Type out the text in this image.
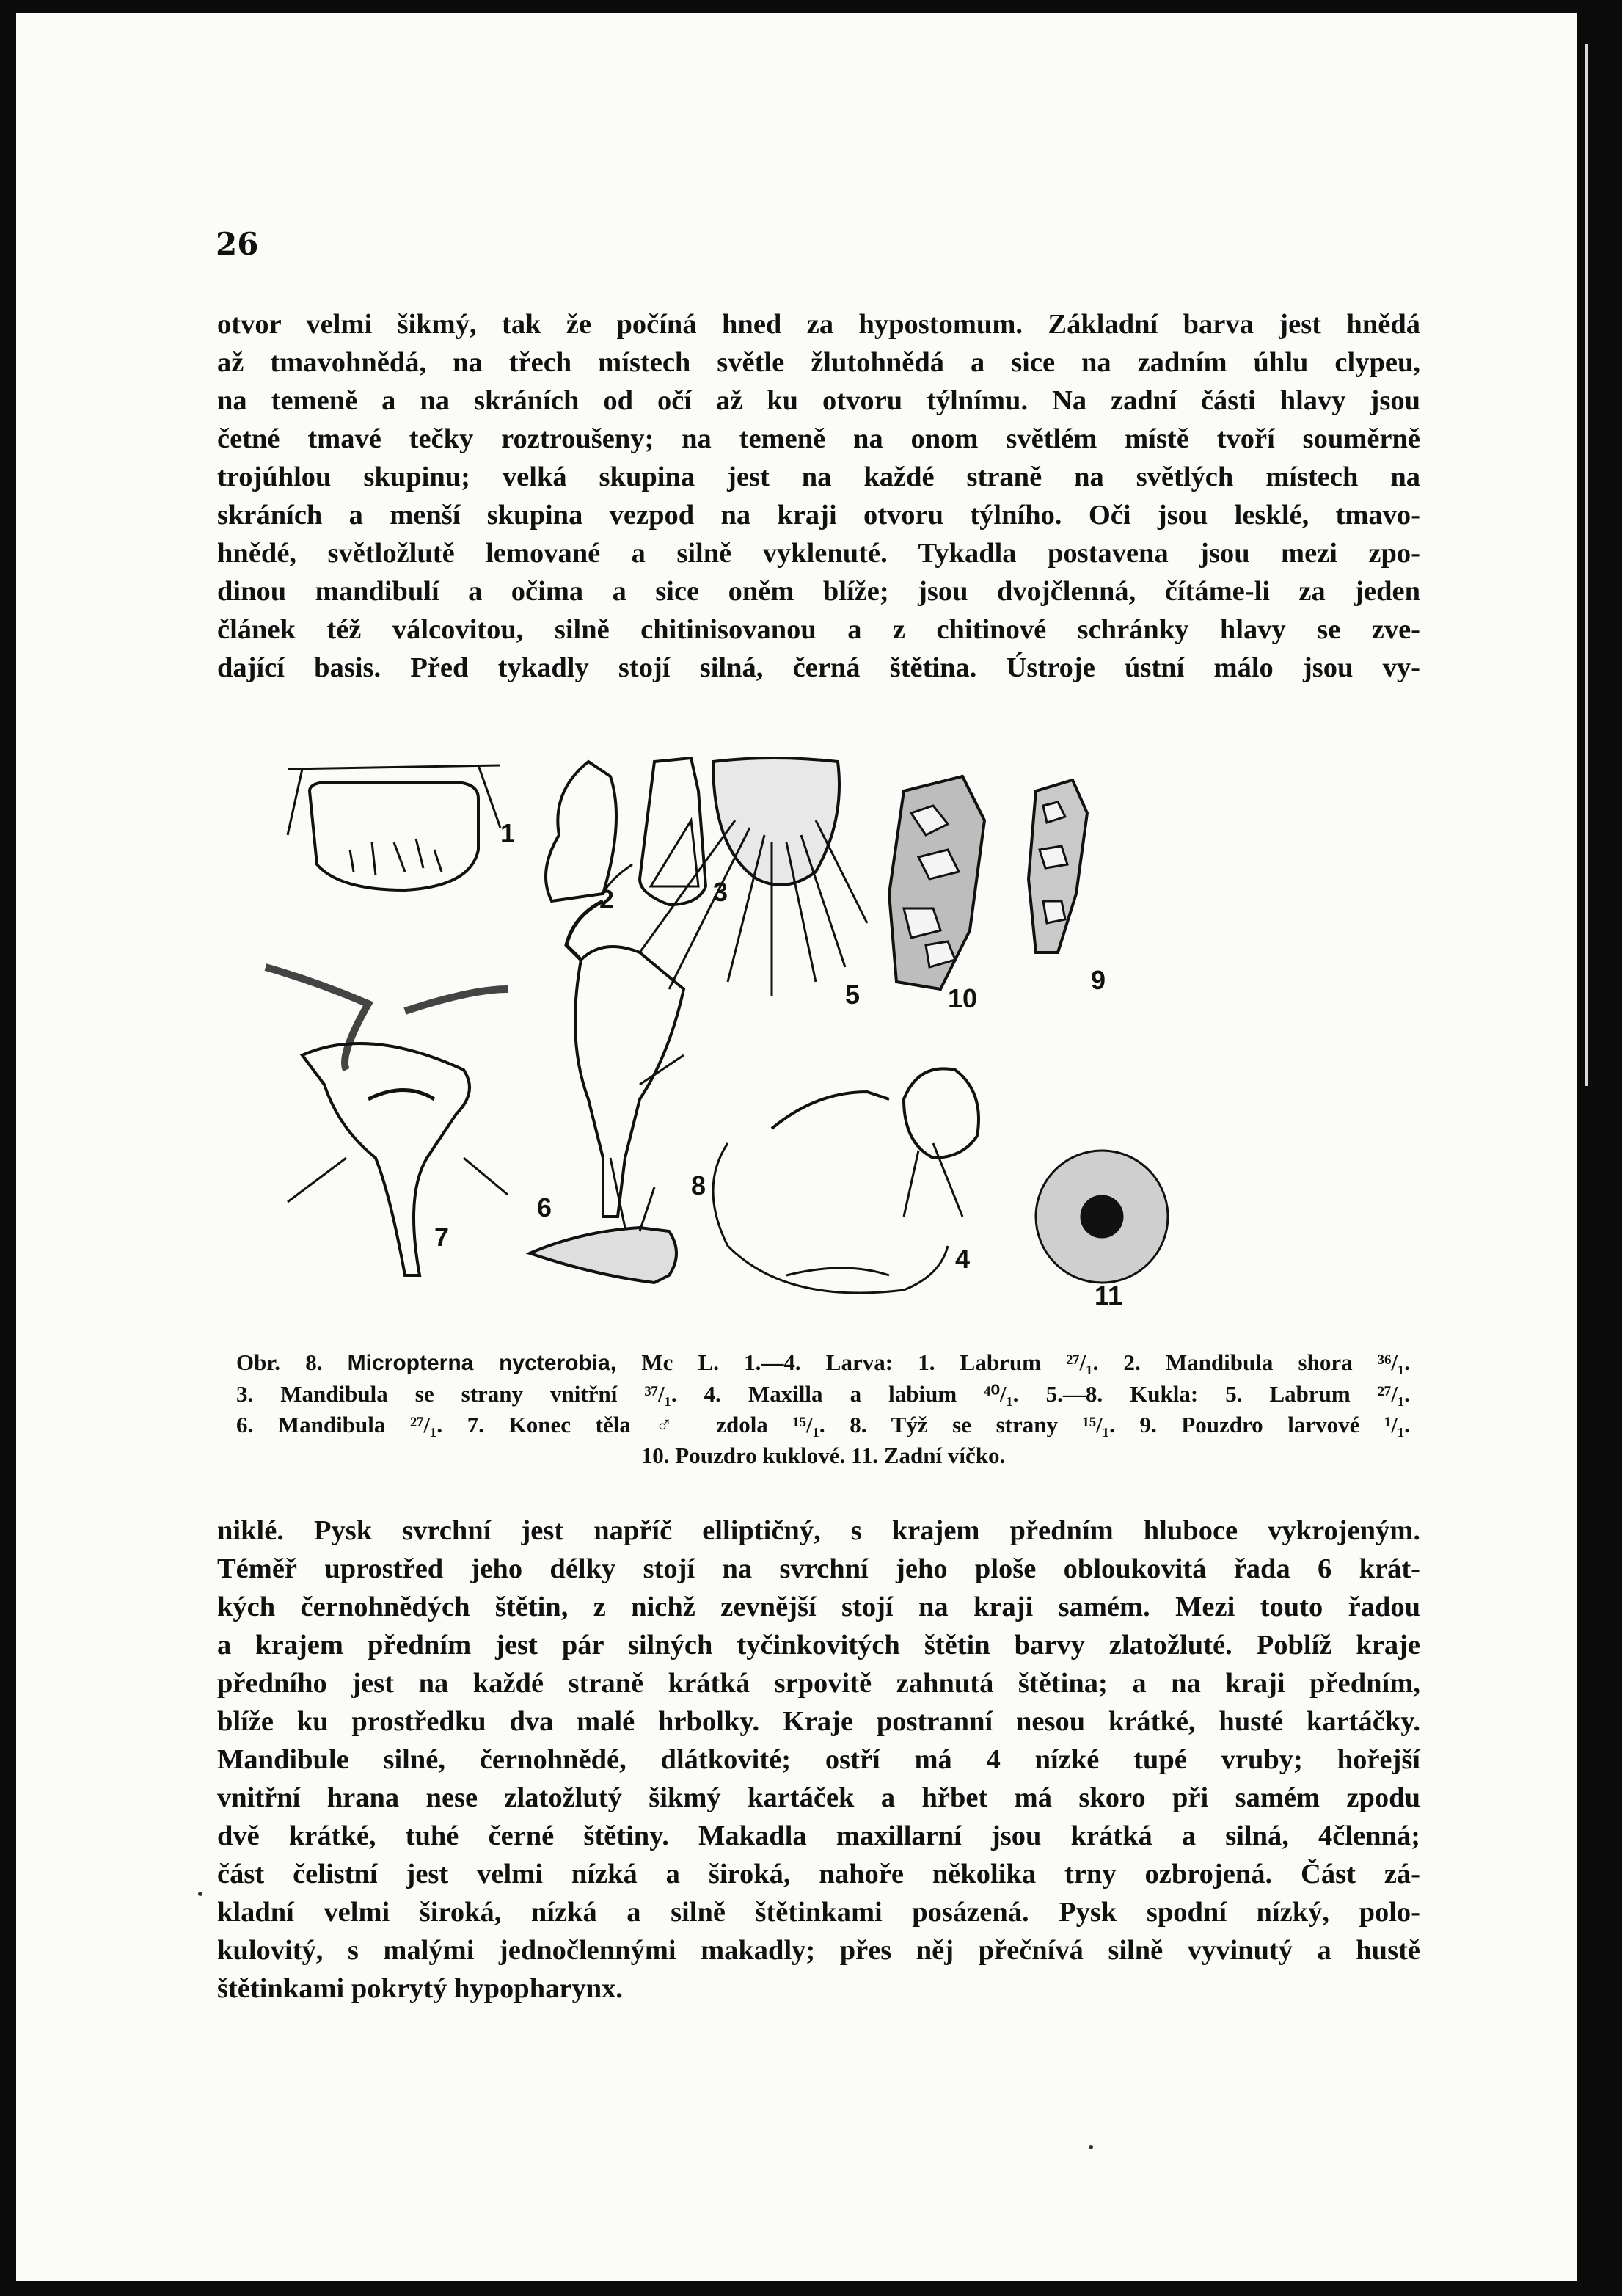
26
otvor velmi šikmý, tak že počíná hned za hypostomum. Základní barva jest hnědá
až tmavohnědá, na třech místech světle žlutohnědá a sice na zadním úhlu clypeu,
na temeně a na skráních od očí až ku otvoru týlnímu. Na zadní části hlavy jsou
četné tmavé tečky roztroušeny; na temeně na onom světlém místě tvoří souměrně
trojúhlou skupinu; velká skupina jest na každé straně na světlých místech na
skráních a menší skupina vezpod na kraji otvoru týlního. Oči jsou lesklé, tmavo-
hnědé, světložlutě lemované a silně vyklenuté. Tykadla postavena jsou mezi zpo-
dinou mandibulí a očima a sice oněm blíže; jsou dvojčlenná, čítáme-li za jeden
článek též válcovitou, silně chitinisovanou a z chitinové schránky hlavy se zve-
dající basis. Před tykadly stojí silná, černá štětina. Ústroje ústní málo jsou vy-
1
2	3
5	10
9
6
7
8
4
11
Obr. 8. Micropterna nycterobia, Mc L. 1.—4. Larva: 1. Labrum ²⁷/₁. 2. Mandibula shora ³⁶/₁.
3. Mandibula se strany vnitřní ³⁷/₁. 4. Maxilla a labium ⁴⁰/₁. 5.—8. Kukla: 5. Labrum ²⁷/₁.
6. Mandibula ²⁷/₁. 7. Konec těla ♂ zdola ¹⁵/₁. 8. Týž se strany ¹⁵/₁. 9. Pouzdro larvové ¹/₁.
10. Pouzdro kuklové. 11. Zadní víčko.
niklé. Pysk svrchní jest napříč elliptičný, s krajem předním hluboce vykrojeným.
Téměř uprostřed jeho délky stojí na svrchní jeho ploše obloukovitá řada 6 krát-
kých černohnědých štětin, z nichž zevnější stojí na kraji samém. Mezi touto řadou
a krajem předním jest pár silných tyčinkovitých štětin barvy zlatožluté. Poblíž kraje
předního jest na každé straně krátká srpovitě zahnutá štětina; a na kraji předním,
blíže ku prostředku dva malé hrbolky. Kraje postranní nesou krátké, husté kartáčky.
Mandibule silné, černohnědé, dlátkovité; ostří má 4 nízké tupé vruby; hořejší
vnitřní hrana nese zlatožlutý šikmý kartáček a hřbet má skoro při samém zpodu
dvě krátké, tuhé černé štětiny. Makadla maxillarní jsou krátká a silná, 4členná;
část čelistní jest velmi nízká a široká, nahoře několika trny ozbrojená. Část zá-
kladní velmi široká, nízká a silně štětinkami posázená. Pysk spodní nízký, polo-
kulovitý, s malými jednočlennými makadly; přes něj přečnívá silně vyvinutý a hustě
štětinkami pokrytý hypopharynx.
